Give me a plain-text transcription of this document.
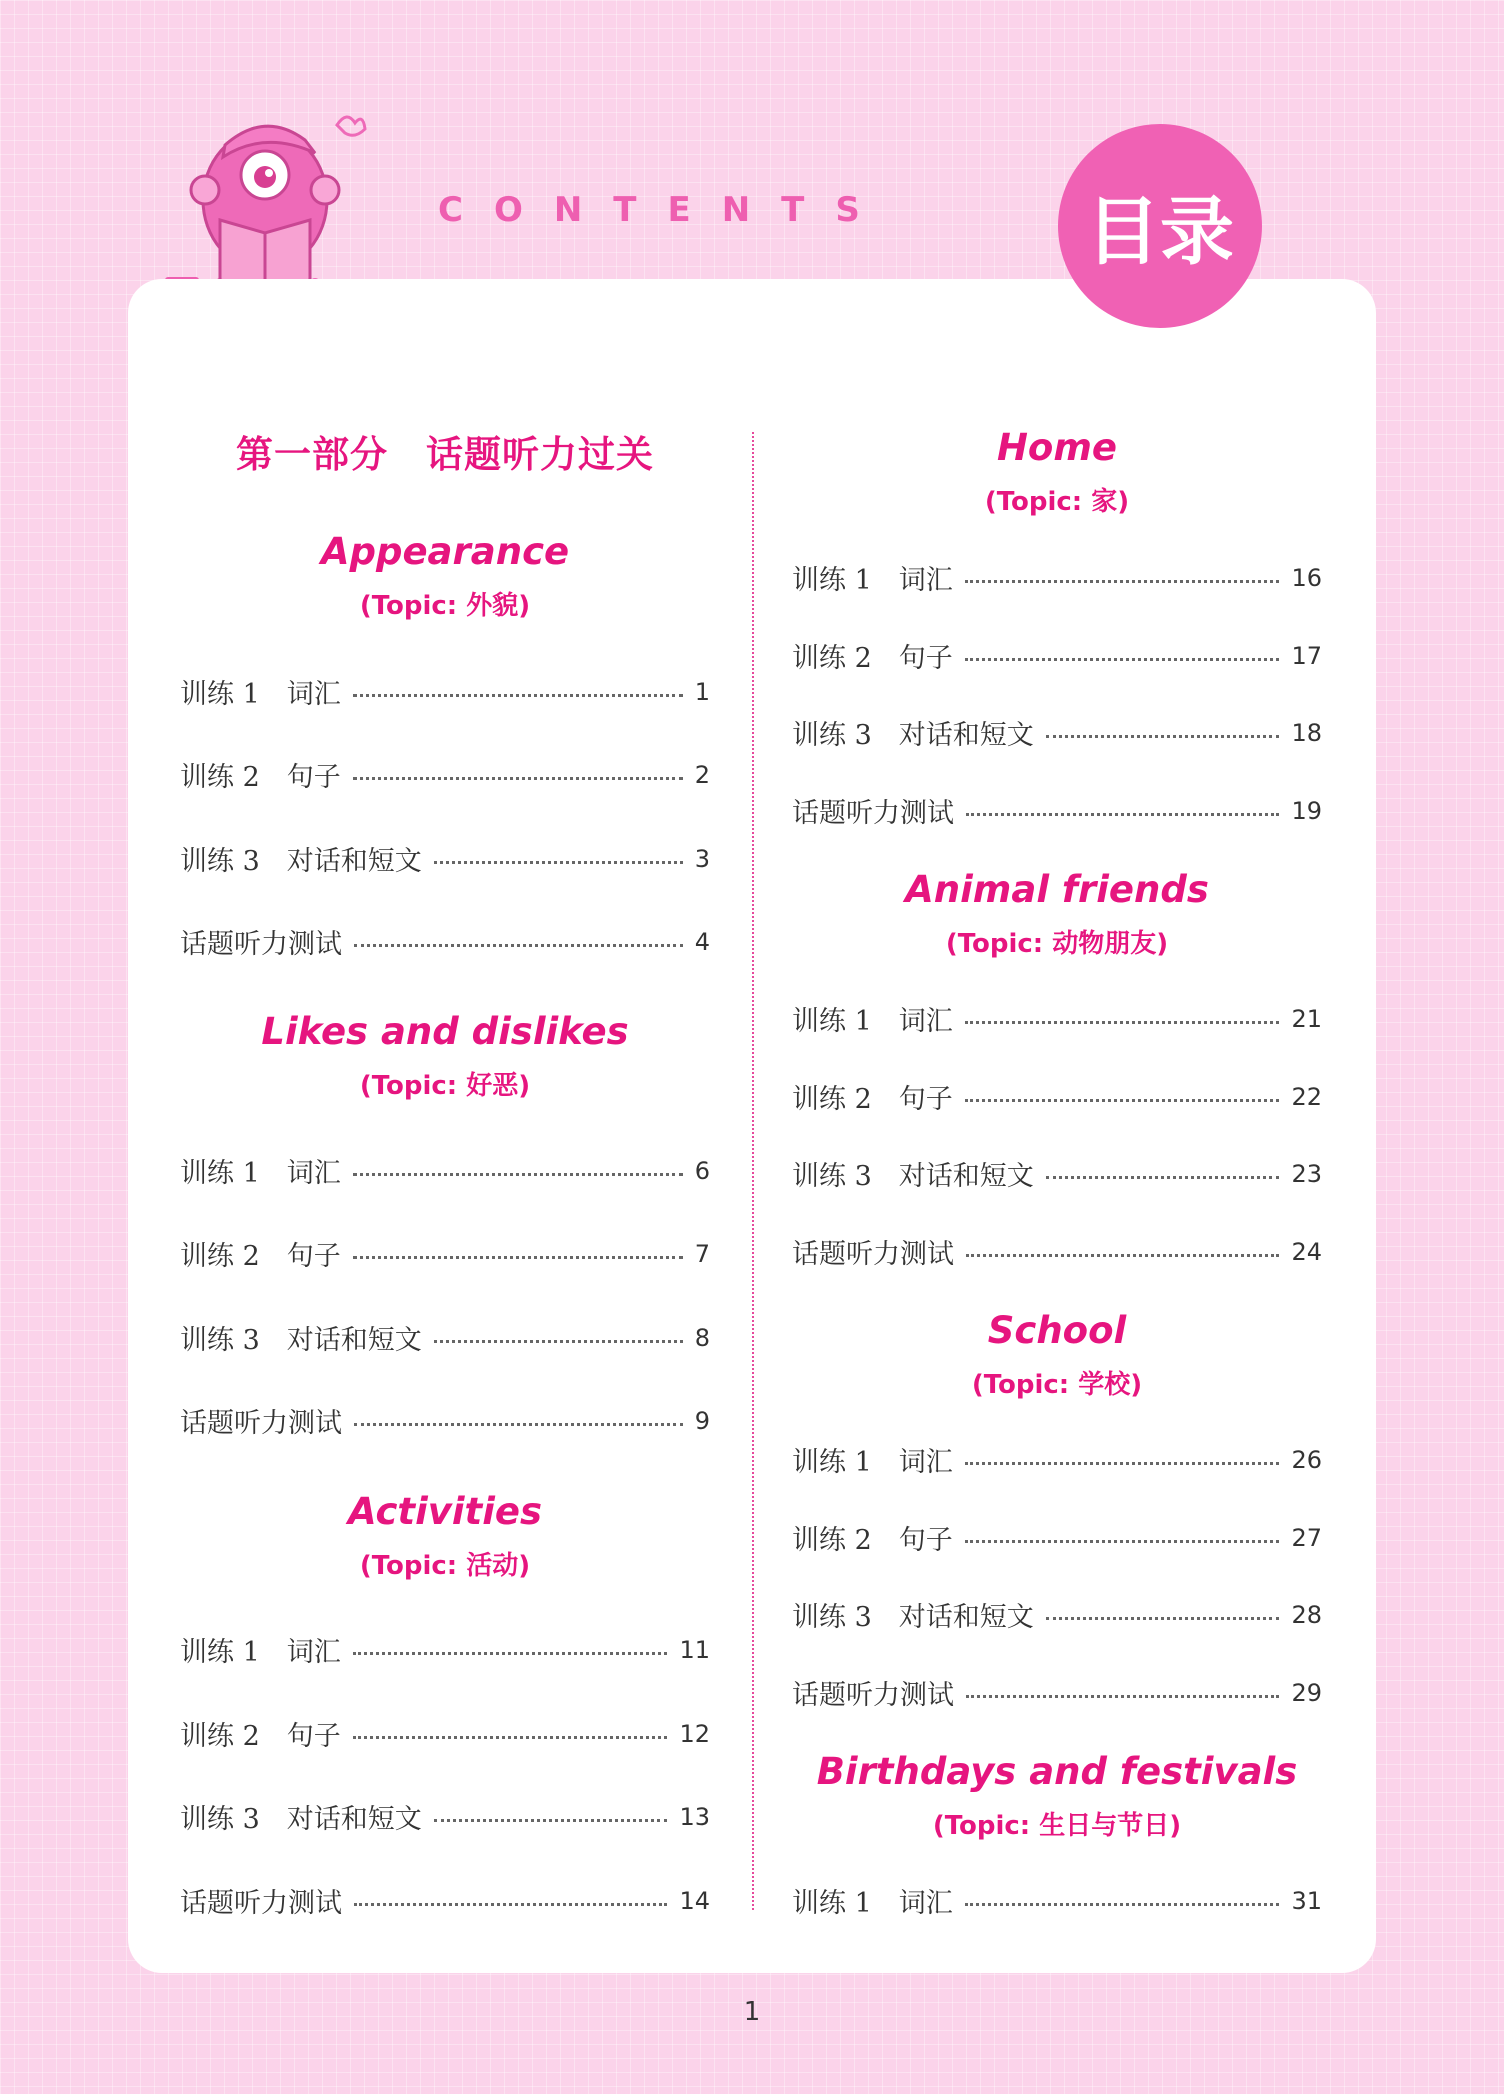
CONTENTS	目录
第一部分　话题听力过关
Appearance
(Topic: 外貌)
训练 1　词汇	1
训练 2　句子	2
训练 3　对话和短文	3
话题听力测试	4
Likes and dislikes
(Topic: 好恶)
训练 1　词汇	6
训练 2　句子	7
训练 3　对话和短文	8
话题听力测试	9
Activities
(Topic: 活动)
训练 1　词汇	11
训练 2　句子	12
训练 3　对话和短文	13
话题听力测试	14
Home
(Topic: 家)
训练 1　词汇	16
训练 2　句子	17
训练 3　对话和短文	18
话题听力测试	19
Animal friends
(Topic: 动物朋友)
训练 1　词汇	21
训练 2　句子	22
训练 3　对话和短文	23
话题听力测试	24
School
(Topic: 学校)
训练 1　词汇	26
训练 2　句子	27
训练 3　对话和短文	28
话题听力测试	29
Birthdays and festivals
(Topic: 生日与节日)
训练 1　词汇	31
1
